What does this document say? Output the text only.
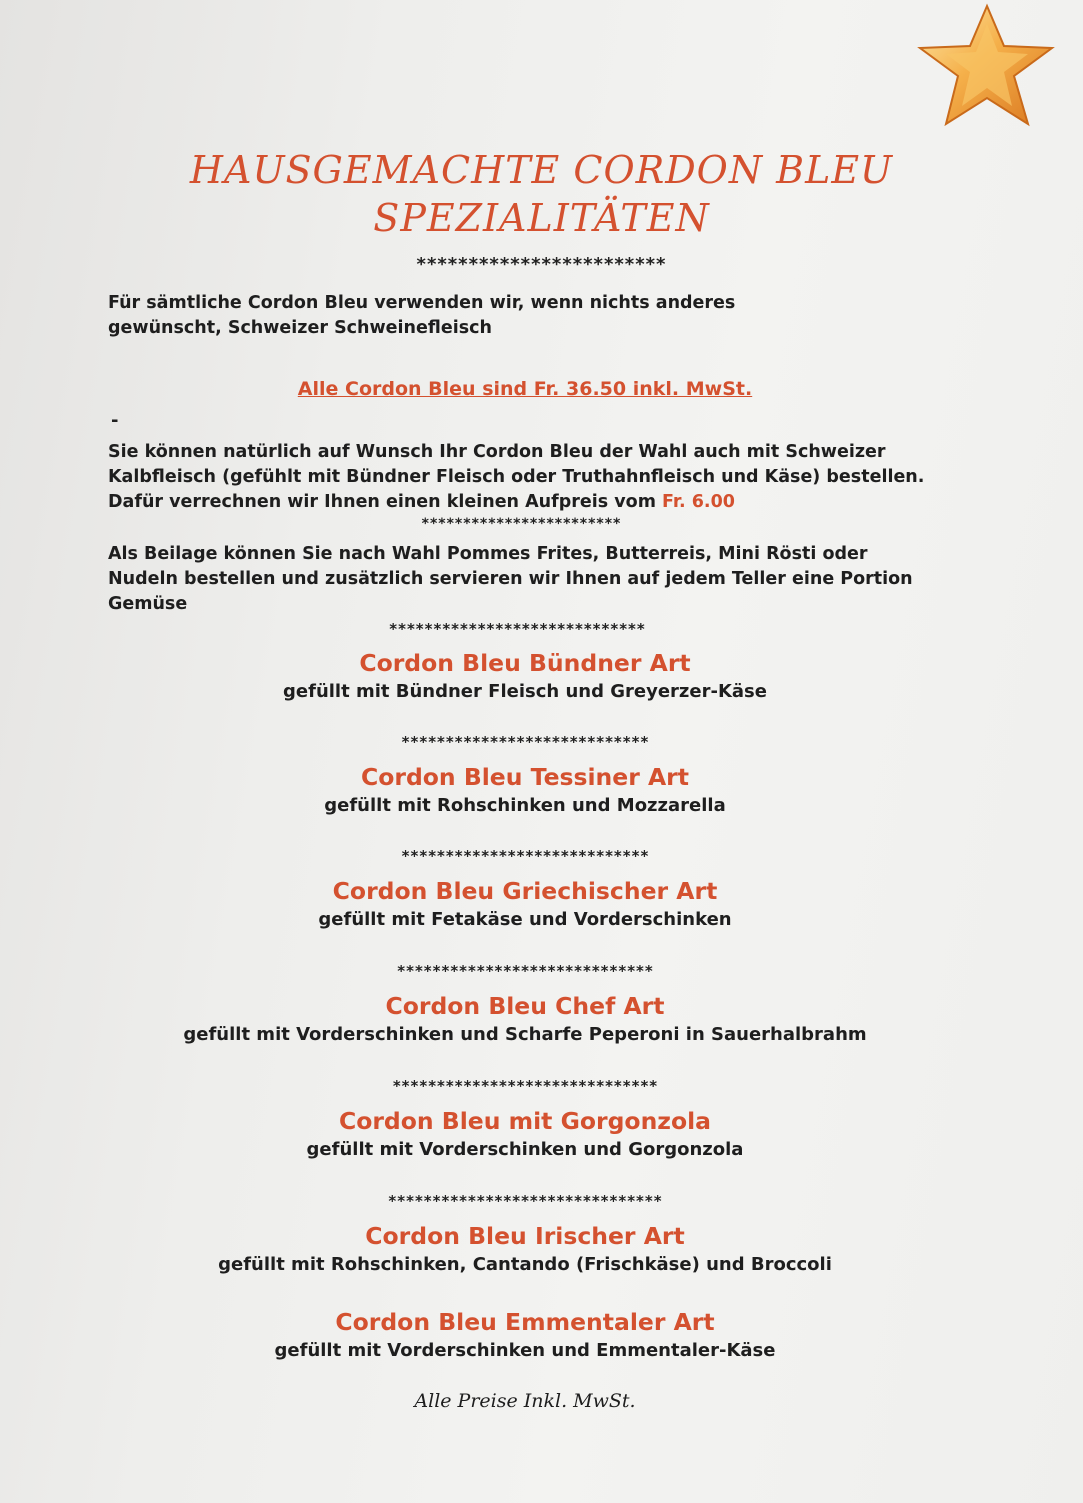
HAUSGEMACHTE CORDON BLEU
SPEZIALITÄTEN
************************

Für sämtliche Cordon Bleu verwenden wir, wenn nichts anderes gewünscht, Schweizer Schweinefleisch

Alle Cordon Bleu sind Fr. 36.50 inkl. MwSt.
-

Sie können natürlich auf Wunsch Ihr Cordon Bleu der Wahl auch mit Schweizer Kalbfleisch (gefühlt mit Bündner Fleisch oder Truthahnfleisch und Käse) bestellen. Dafür verrechnen wir Ihnen einen kleinen Aufpreis vom Fr. 6.00

************************

Als Beilage können Sie nach Wahl Pommes Frites, Butterreis, Mini Rösti oder Nudeln bestellen und zusätzlich servieren wir Ihnen auf jedem Teller eine Portion Gemüse

*****************************
Cordon Bleu Bündner Art
gefüllt mit Bündner Fleisch und Greyerzer-Käse
****************************
Cordon Bleu Tessiner Art
gefüllt mit Rohschinken und Mozzarella
****************************
Cordon Bleu Griechischer Art
gefüllt mit Fetakäse und Vorderschinken
*****************************
Cordon Bleu Chef Art
gefüllt mit Vorderschinken und Scharfe Peperoni in Sauerhalbrahm
******************************
Cordon Bleu mit Gorgonzola
gefüllt mit Vorderschinken und Gorgonzola
*******************************
Cordon Bleu Irischer Art
gefüllt mit Rohschinken, Cantando (Frischkäse) und Broccoli
Cordon Bleu Emmentaler Art
gefüllt mit Vorderschinken und Emmentaler-Käse
Alle Preise Inkl. MwSt.
